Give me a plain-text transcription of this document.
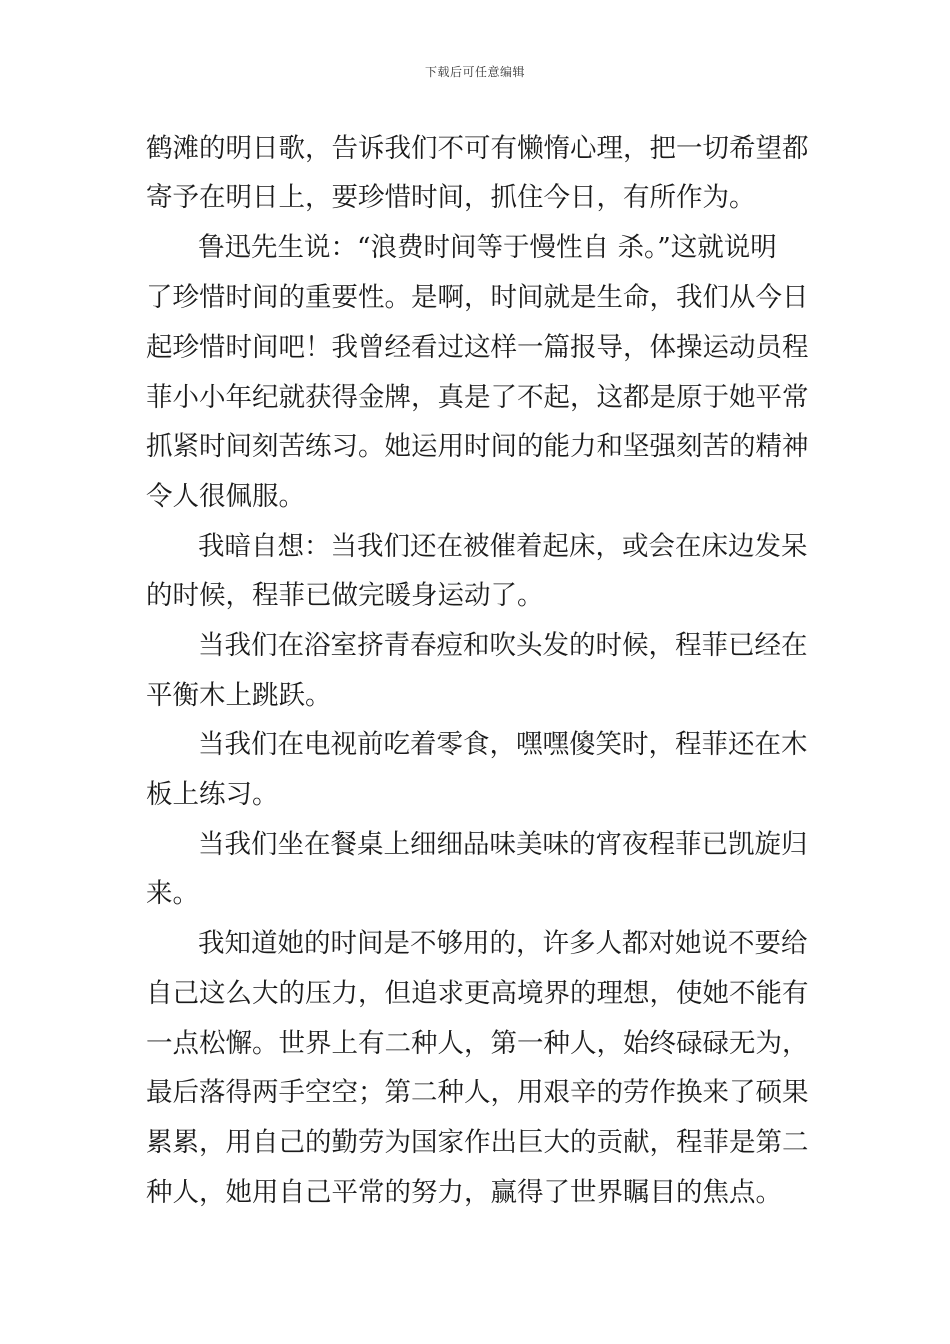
下载后可任意编辑
鹤滩的明日歌，告诉我们不可有懒惰心理，把一切希望都
寄予在明日上，要珍惜时间，抓住今日，有所作为。
鲁迅先生说：“浪费时间等于慢性自 杀。”这就说明
了珍惜时间的重要性。是啊，时间就是生命，我们从今日
起珍惜时间吧！我曾经看过这样一篇报导，体操运动员程
菲小小年纪就获得金牌，真是了不起，这都是原于她平常
抓紧时间刻苦练习。她运用时间的能力和坚强刻苦的精神
令人很佩服。
我暗自想：当我们还在被催着起床，或会在床边发呆
的时候，程菲已做完暖身运动了。
当我们在浴室挤青春痘和吹头发的时候，程菲已经在
平衡木上跳跃。
当我们在电视前吃着零食，嘿嘿傻笑时，程菲还在木
板上练习。
当我们坐在餐桌上细细品味美味的宵夜程菲已凯旋归
来。
我知道她的时间是不够用的，许多人都对她说不要给
自己这么大的压力，但追求更高境界的理想，使她不能有
一点松懈。世界上有二种人，第一种人，始终碌碌无为，
最后落得两手空空；第二种人，用艰辛的劳作换来了硕果
累累，用自己的勤劳为国家作出巨大的贡献，程菲是第二
种人，她用自己平常的努力，赢得了世界瞩目的焦点。
